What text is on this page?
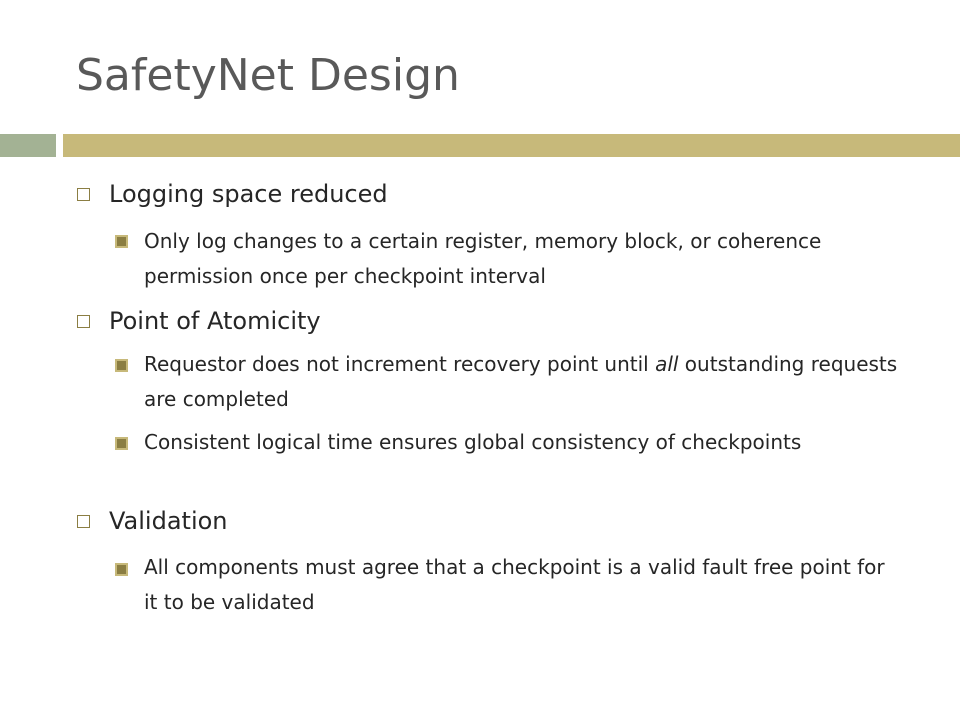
SafetyNet Design
Logging space reduced
Only log changes to a certain register, memory block, or coherence permission once per checkpoint interval
Point of Atomicity
Requestor does not increment recovery point until all outstanding requests are completed
Consistent logical time ensures global consistency of checkpoints
Validation
All components must agree that a checkpoint is a valid fault free point for it to be validated
